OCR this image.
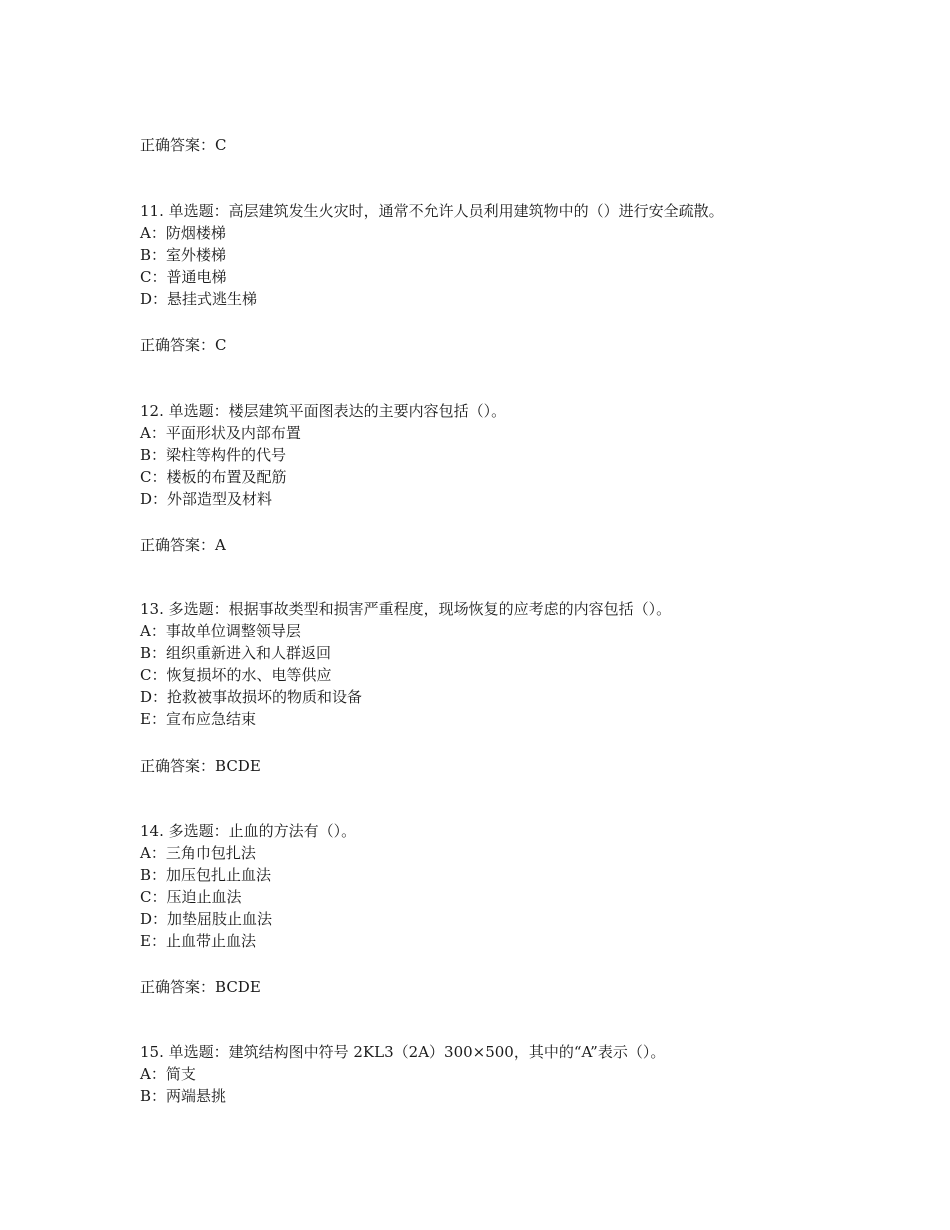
正确答案：C
11. 单选题：高层建筑发生火灾时，通常不允许人员利用建筑物中的（）进行安全疏散。
A：防烟楼梯
B：室外楼梯
C：普通电梯
D：悬挂式逃生梯
正确答案：C
12. 单选题：楼层建筑平面图表达的主要内容包括（）。
A：平面形状及内部布置
B：梁柱等构件的代号
C：楼板的布置及配筋
D：外部造型及材料
正确答案：A
13. 多选题：根据事故类型和损害严重程度，现场恢复的应考虑的内容包括（）。
A：事故单位调整领导层
B：组织重新进入和人群返回
C：恢复损坏的水、电等供应
D：抢救被事故损坏的物质和设备
E：宣布应急结束
正确答案：BCDE
14. 多选题：止血的方法有（）。
A：三角巾包扎法
B：加压包扎止血法
C：压迫止血法
D：加垫屈肢止血法
E：止血带止血法
正确答案：BCDE
15. 单选题：建筑结构图中符号 2KL3（2A）300×500，其中的“A”表示（）。
A：简支
B：两端悬挑
